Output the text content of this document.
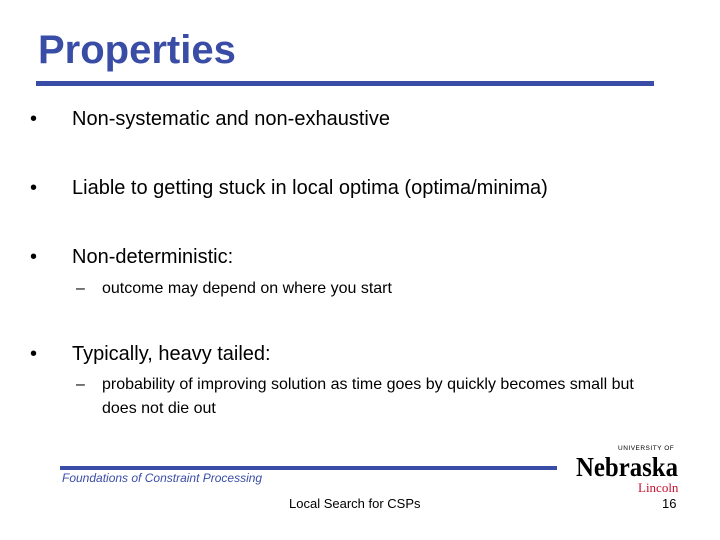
Properties
• Non-systematic and non-exhaustive
• Liable to getting stuck in local optima (optima/minima)
• Non-deterministic:
– outcome may depend on where you start
• Typically, heavy tailed:
– probability of improving solution as time goes by quickly becomes small but does not die out
Foundations of Constraint Processing
Local Search for CSPs	16
UNIVERSITY OF
Nebraska
Lincoln
